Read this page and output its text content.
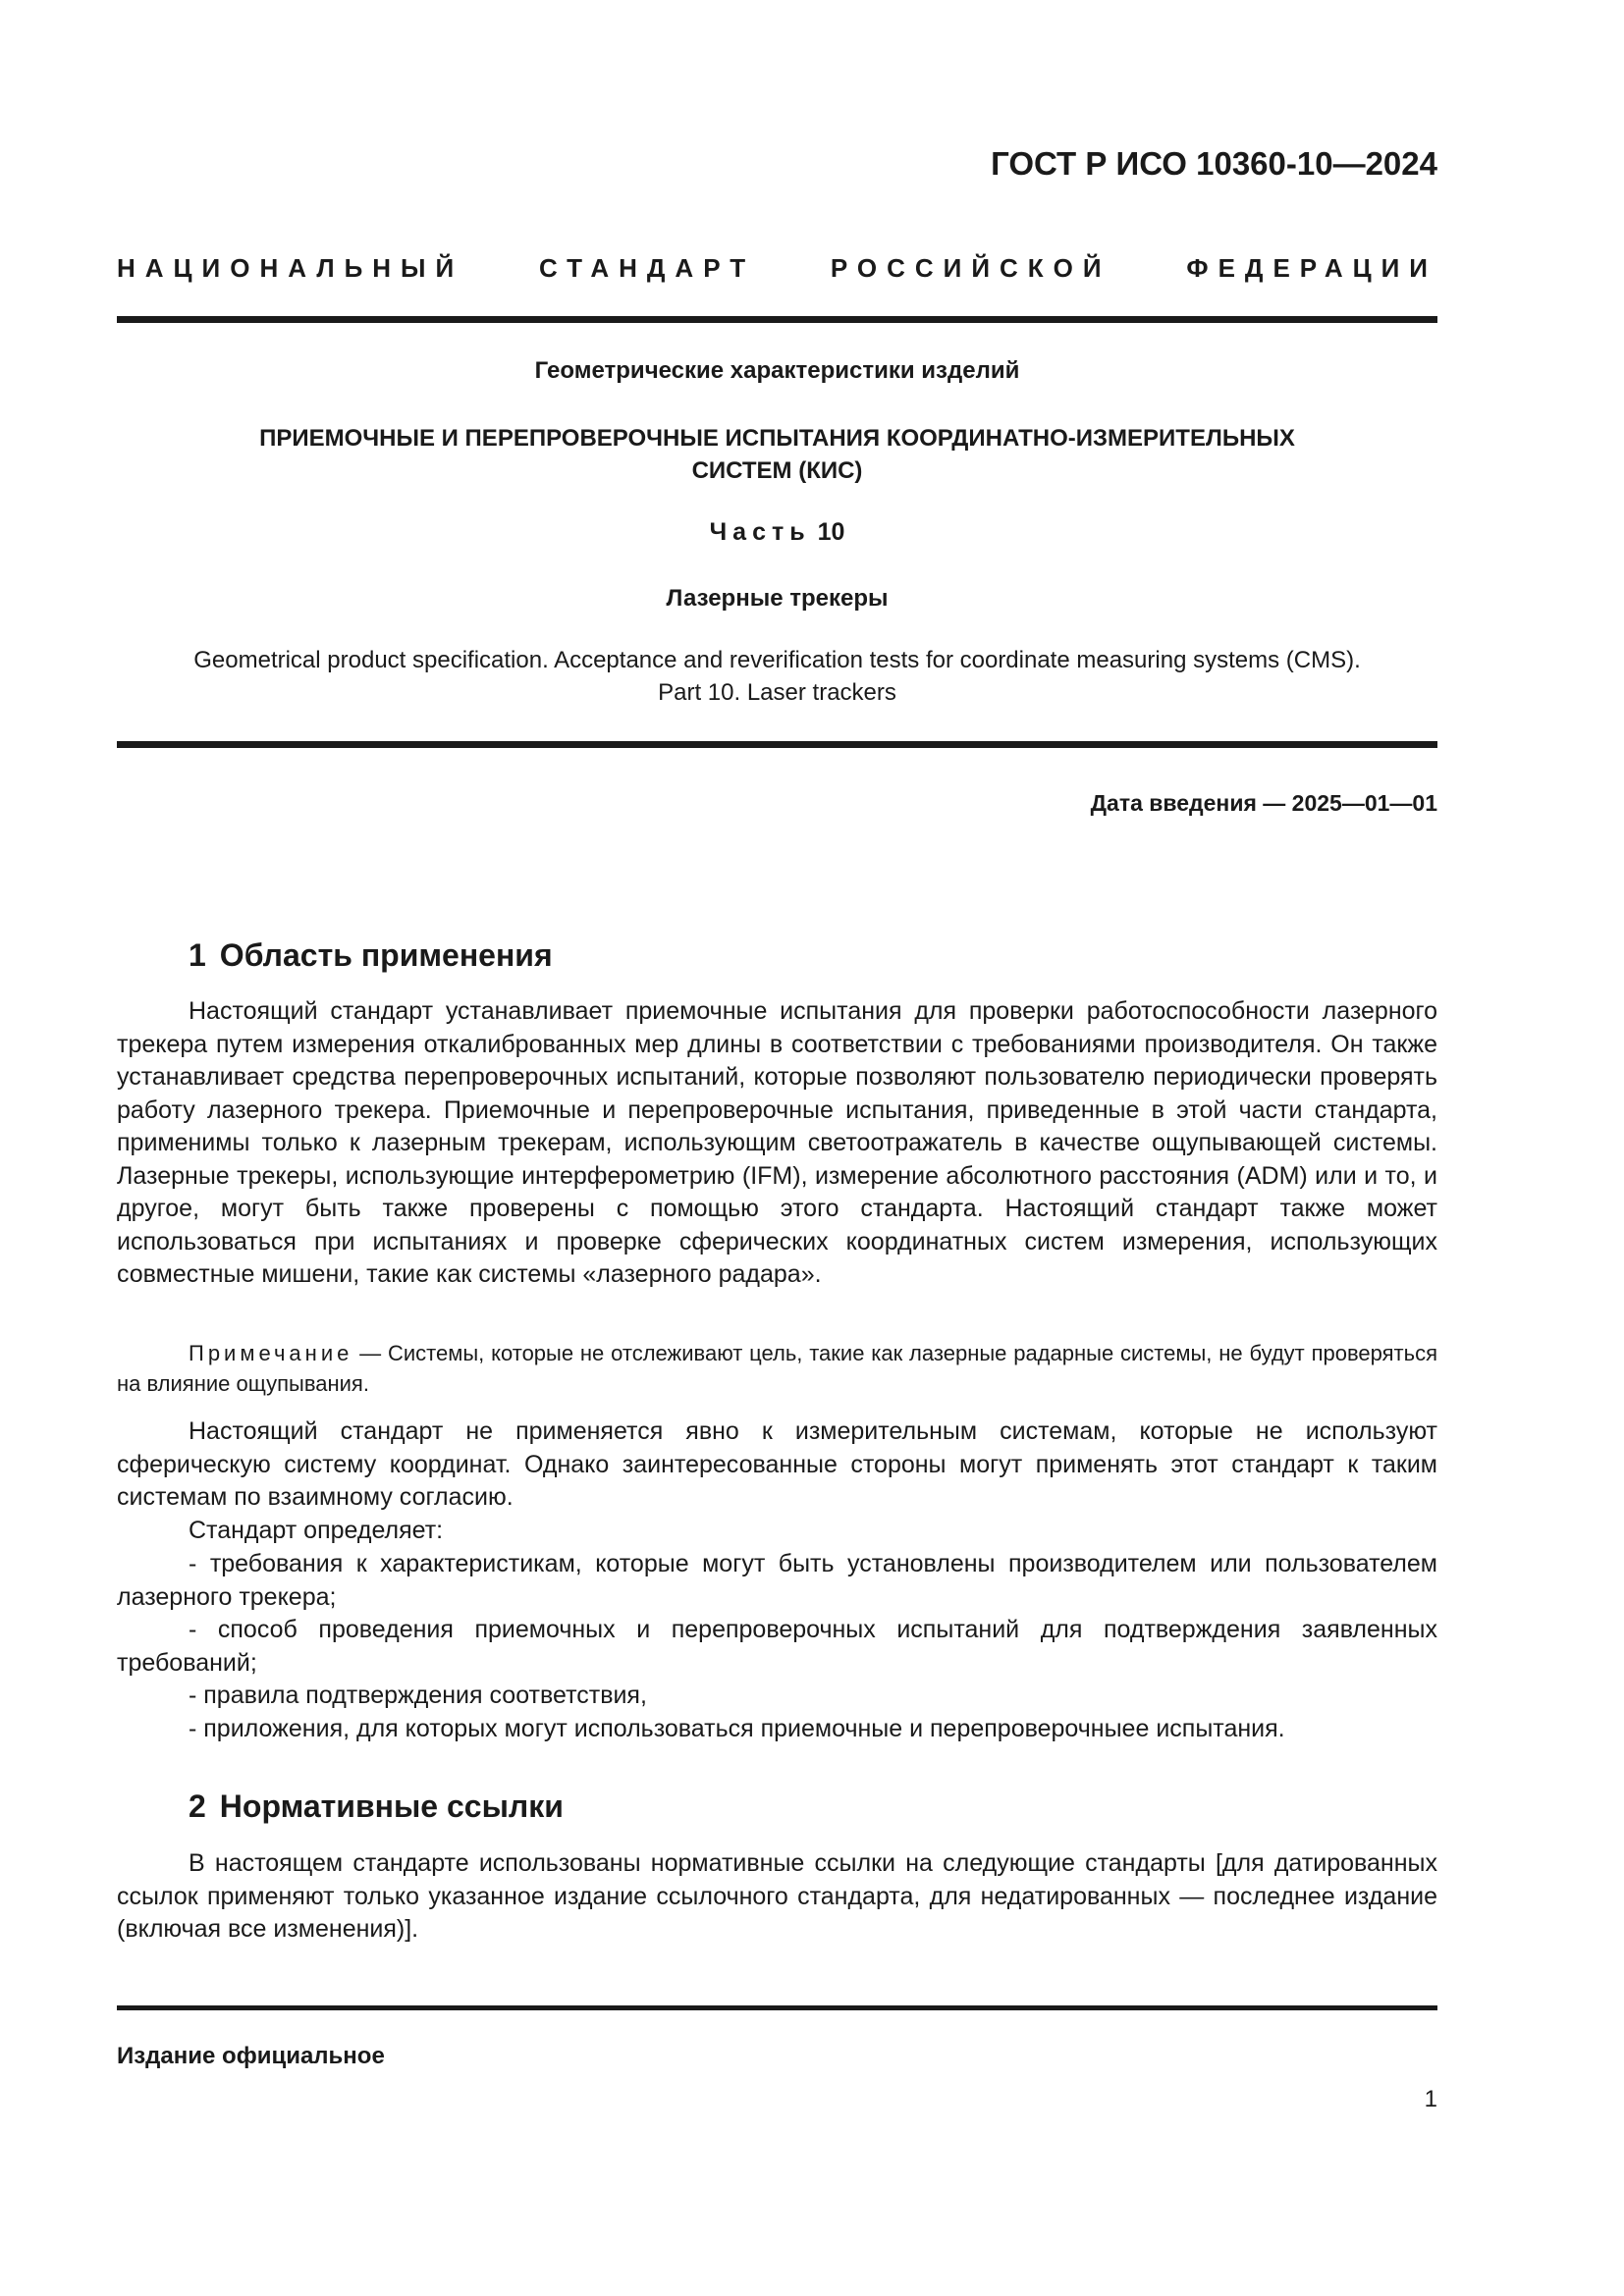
ГОСТ Р ИСО 10360-10—2024
НАЦИОНАЛЬНЫЙ СТАНДАРТ РОССИЙСКОЙ ФЕДЕРАЦИИ
Геометрические характеристики изделий
ПРИЕМОЧНЫЕ И ПЕРЕПРОВЕРОЧНЫЕ ИСПЫТАНИЯ КООРДИНАТНО-ИЗМЕРИТЕЛЬНЫХ
СИСТЕМ (КИС)
Часть 10
Лазерные трекеры
Geometrical product specification. Acceptance and reverification tests for coordinate measuring systems (CMS).
Part 10. Laser trackers
Дата введения — 2025—01—01
1 Область применения

Настоящий стандарт устанавливает приемочные испытания для проверки работоспособности лазерного трекера путем измерения откалиброванных мер длины в соответствии с требованиями производителя. Он также устанавливает средства перепроверочных испытаний, которые позволяют пользователю периодически проверять работу лазерного трекера. Приемочные и перепроверочные испытания, приведенные в этой части стандарта, применимы только к лазерным трекерам, использующим светоотражатель в качестве ощупывающей системы. Лазерные трекеры, использующие интерферометрию (IFM), измерение абсолютного расстояния (ADM) или и то, и другое, могут быть также проверены с помощью этого стандарта. Настоящий стандарт также может использоваться при испытаниях и проверке сферических координатных систем измерения, использующих совместные мишени, такие как системы «лазерного радара».

Примечание — Системы, которые не отслеживают цель, такие как лазерные радарные системы, не будут проверяться на влияние ощупывания.

Настоящий стандарт не применяется явно к измерительным системам, которые не используют сферическую систему координат. Однако заинтересованные стороны могут применять этот стандарт к таким системам по взаимному согласию.

Стандарт определяет:
- требования к характеристикам, которые могут быть установлены производителем или пользователем лазерного трекера;
- способ проведения приемочных и перепроверочных испытаний для подтверждения заявленных требований;
- правила подтверждения соответствия,
- приложения, для которых могут использоваться приемочные и перепроверочныее испытания.
2 Нормативные ссылки

В настоящем стандарте использованы нормативные ссылки на следующие стандарты [для датированных ссылок применяют только указанное издание ссылочного стандарта, для недатированных — последнее издание (включая все изменения)].

Издание официальное
1
